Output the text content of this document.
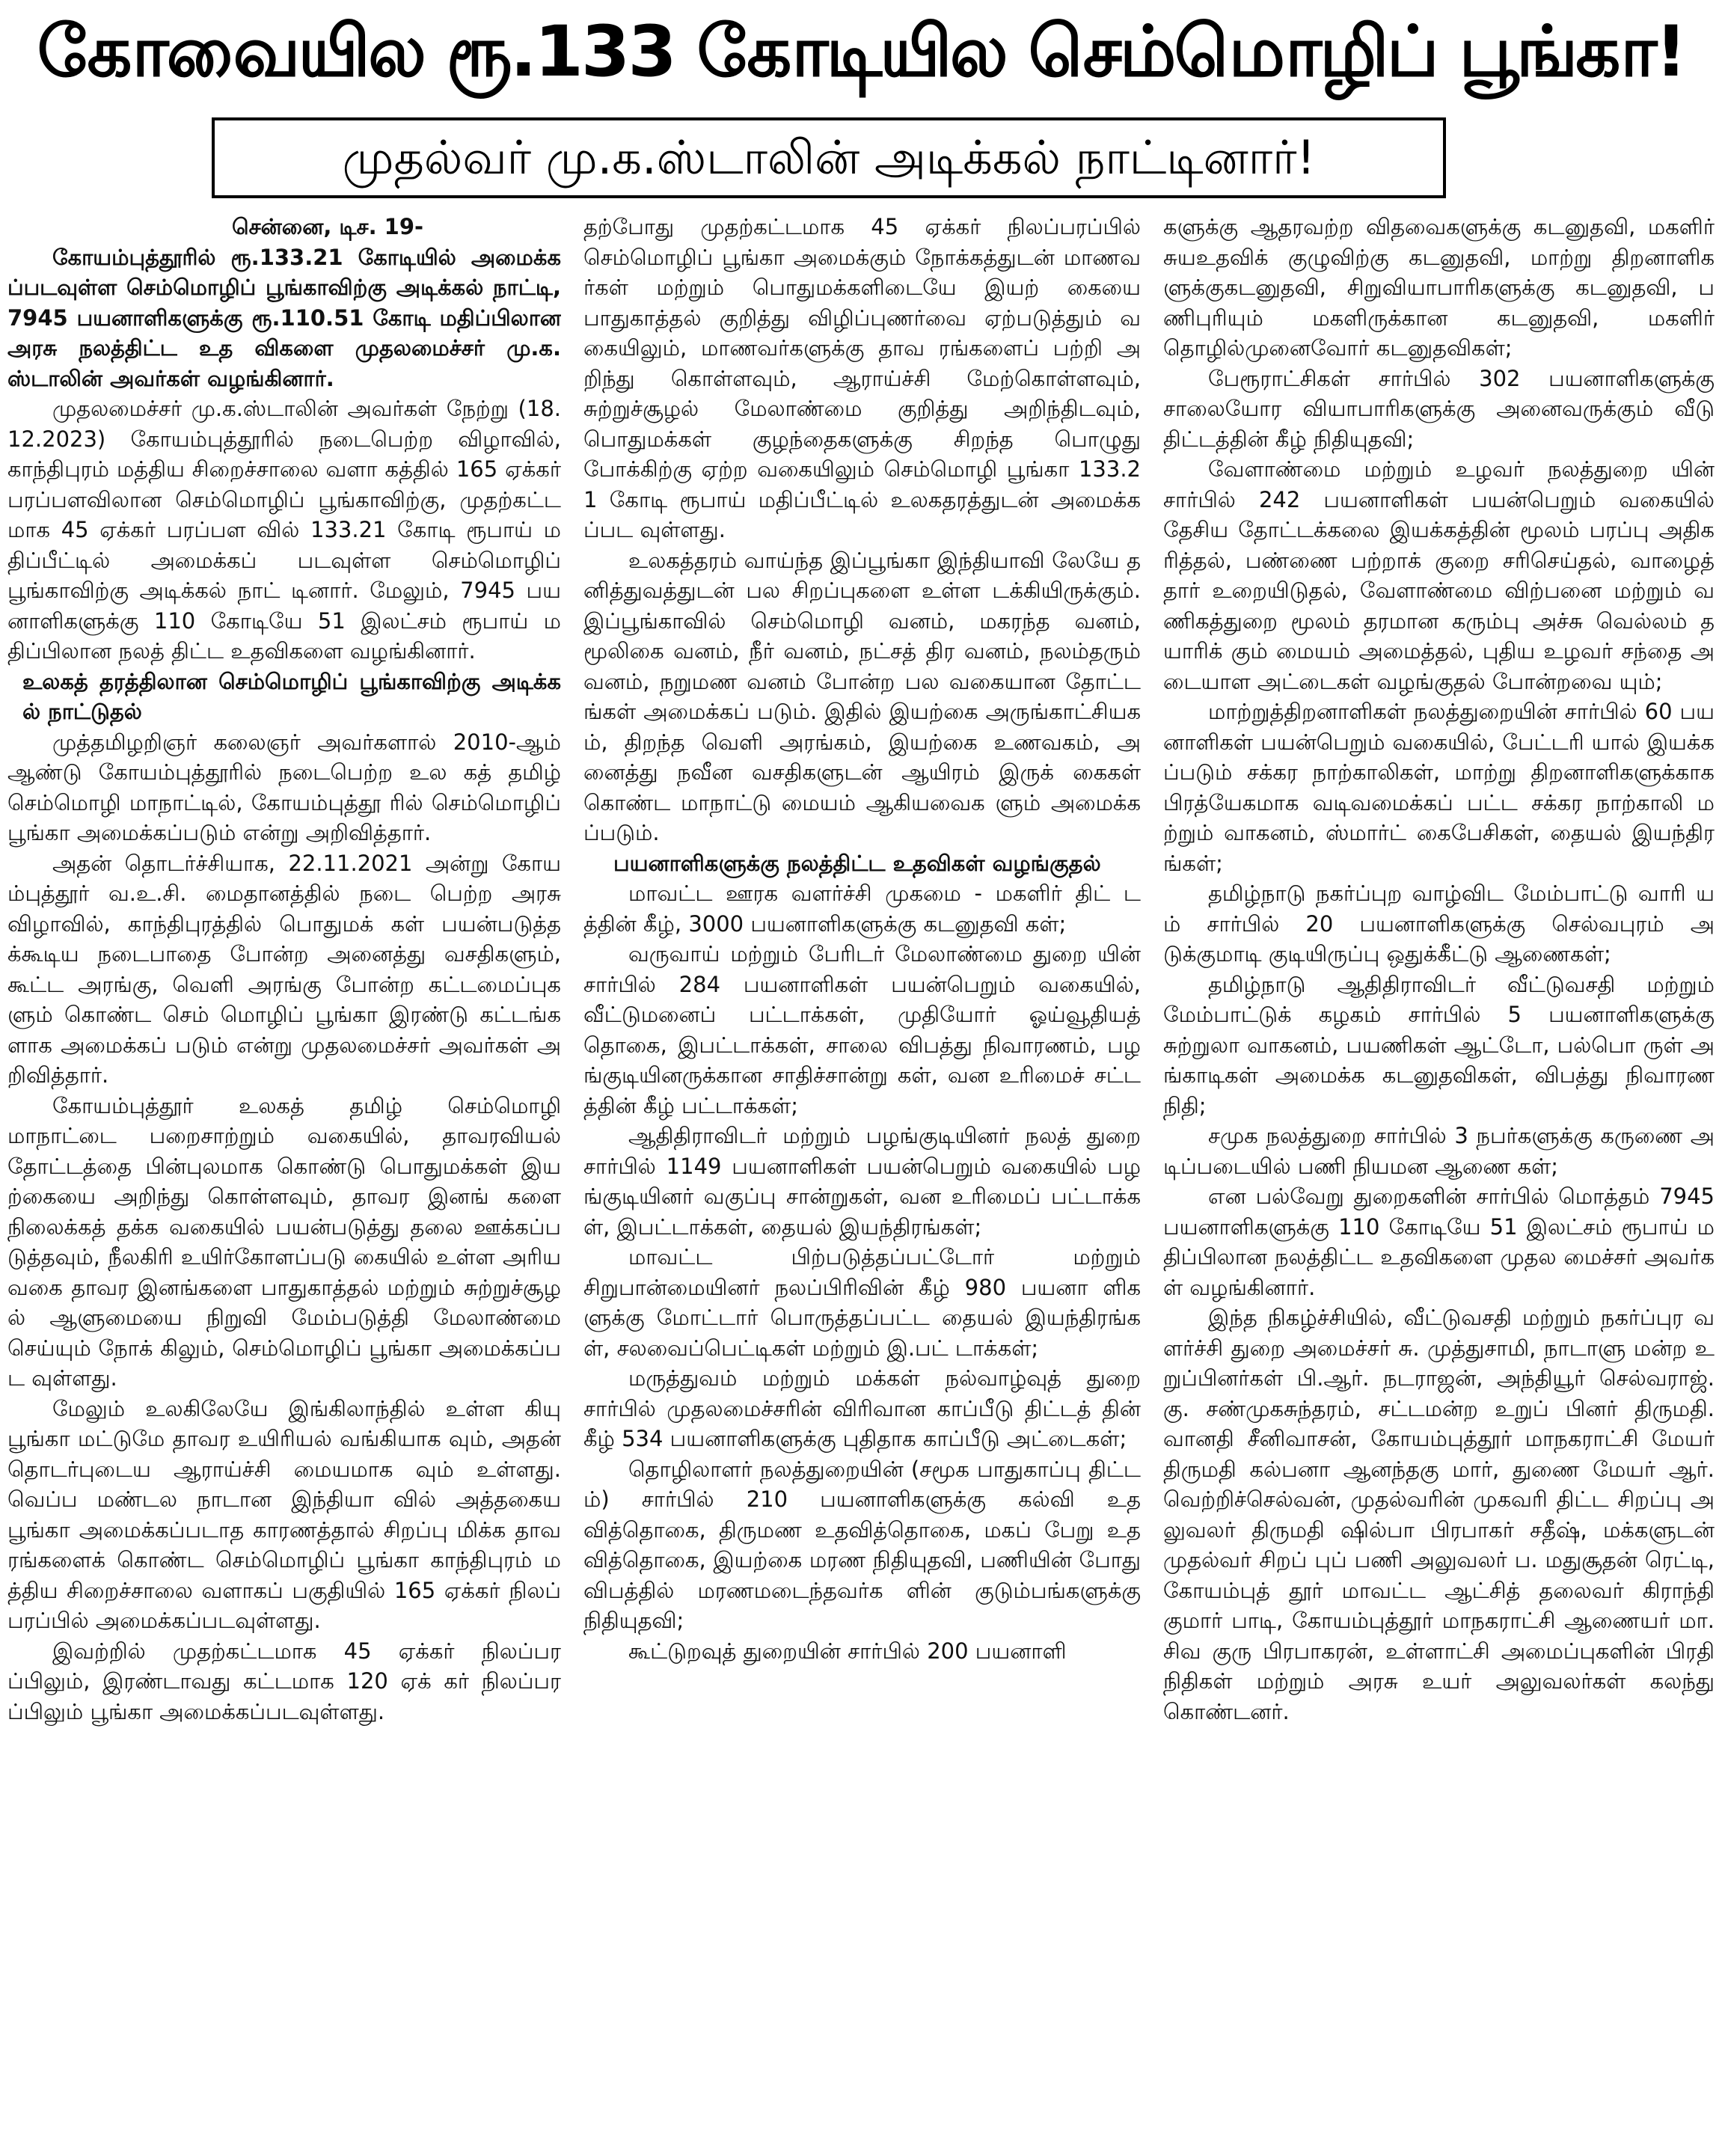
கோவையில ரூ.133 கோடியில செம்மொழிப் பூங்கா!
முதல்வர் மு.க.ஸ்டாலின் அடிக்கல் நாட்டினார்!

சென்னை, டிச. 19-

கோயம்புத்தூரில் ரூ.133.21 கோடியில் அமைக்கப்படவுள்ள செம்மொழிப் பூங்காவிற்கு அடிக்கல் நாட்டி, 7945 பயனாளிகளுக்கு ரூ.110.51 கோடி மதிப்பிலான அரசு நலத்திட்ட உத விகளை முதலமைச்சர் மு.க.ஸ்டாலின் அவர்கள் வழங்கினார்.

முதலமைச்சர் மு.க.ஸ்டாலின் அவர்கள் நேற்று (18.12.2023) கோயம்புத்தூரில் நடைபெற்ற விழாவில், காந்திபுரம் மத்திய சிறைச்சாலை வளா கத்தில் 165 ஏக்கர் பரப்பளவிலான செம்மொழிப் பூங்காவிற்கு, முதற்கட்டமாக 45 ஏக்கர் பரப்பள வில் 133.21 கோடி ரூபாய் மதிப்பீட்டில் அமைக்கப் படவுள்ள செம்மொழிப் பூங்காவிற்கு அடிக்கல் நாட் டினார். மேலும், 7945 பயனாளிகளுக்கு 110 கோடியே 51 இலட்சம் ரூபாய் மதிப்பிலான நலத் திட்ட உதவிகளை வழங்கினார்.

உலகத் தரத்திலான செம்மொழிப் பூங்காவிற்கு அடிக்கல் நாட்டுதல்

முத்தமிழறிஞர் கலைஞர் அவர்களால் 2010-ஆம் ஆண்டு கோயம்புத்தூரில் நடைபெற்ற உல கத் தமிழ் செம்மொழி மாநாட்டில், கோயம்புத்தூ ரில் செம்மொழிப் பூங்கா அமைக்கப்படும் என்று அறிவித்தார்.

அதன் தொடர்ச்சியாக, 22.11.2021 அன்று கோயம்புத்தூர் வ.உ.சி. மைதானத்தில் நடை பெற்ற அரசு விழாவில், காந்திபுரத்தில் பொதுமக் கள் பயன்படுத்தக்கூடிய நடைபாதை போன்ற அனைத்து வசதிகளும், கூட்ட அரங்கு, வெளி அரங்கு போன்ற கட்டமைப்புகளும் கொண்ட செம் மொழிப் பூங்கா இரண்டு கட்டங்களாக அமைக்கப் படும் என்று முதலமைச்சர் அவர்கள் அறிவித்தார்.

கோயம்புத்தூர் உலகத் தமிழ் செம்மொழி மாநாட்டை பறைசாற்றும் வகையில், தாவரவியல் தோட்டத்தை பின்புலமாக கொண்டு பொதுமக்கள் இயற்கையை அறிந்து கொள்ளவும், தாவர இனங் களை நிலைக்கத் தக்க வகையில் பயன்படுத்து தலை ஊக்கப்படுத்தவும், நீலகிரி உயிர்கோளப்படு கையில் உள்ள அரிய வகை தாவர இனங்களை பாதுகாத்தல் மற்றும் சுற்றுச்சூழல் ஆளுமையை நிறுவி மேம்படுத்தி மேலாண்மை செய்யும் நோக் கிலும், செம்மொழிப் பூங்கா அமைக்கப்பட வுள்ளது.

மேலும் உலகிலேயே இங்கிலாந்தில் உள்ள கியு பூங்கா மட்டுமே தாவர உயிரியல் வங்கியாக வும், அதன் தொடர்புடைய ஆராய்ச்சி மையமாக வும் உள்ளது. வெப்ப மண்டல நாடான இந்தியா வில் அத்தகைய பூங்கா அமைக்கப்படாத காரணத்தால் சிறப்பு மிக்க தாவரங்களைக் கொண்ட செம்மொழிப் பூங்கா காந்திபுரம் மத்திய சிறைச்சாலை வளாகப் பகுதியில் 165 ஏக்கர் நிலப் பரப்பில் அமைக்கப்படவுள்ளது.

இவற்றில் முதற்கட்டமாக 45 ஏக்கர் நிலப்பரப்பிலும், இரண்டாவது கட்டமாக 120 ஏக் கர் நிலப்பரப்பிலும் பூங்கா அமைக்கப்படவுள்ளது.

தற்போது முதற்கட்டமாக 45 ஏக்கர் நிலப்பரப்பில் செம்மொழிப் பூங்கா அமைக்கும் நோக்கத்துடன் மாணவர்கள் மற்றும் பொதுமக்களிடையே இயற் கையை பாதுகாத்தல் குறித்து விழிப்புணர்வை ஏற்படுத்தும் வகையிலும், மாணவர்களுக்கு தாவ ரங்களைப் பற்றி அறிந்து கொள்ளவும், ஆராய்ச்சி மேற்கொள்ளவும், சுற்றுச்சூழல் மேலாண்மை குறித்து அறிந்திடவும், பொதுமக்கள் குழந்தைகளுக்கு சிறந்த பொழுது போக்கிற்கு ஏற்ற வகையிலும் செம்மொழி பூங்கா 133.21 கோடி ரூபாய் மதிப்பீட்டில் உலகதரத்துடன் அமைக்கப்பட வுள்ளது.

உலகத்தரம் வாய்ந்த இப்பூங்கா இந்தியாவி லேயே தனித்துவத்துடன் பல சிறப்புகளை உள்ள டக்கியிருக்கும். இப்பூங்காவில் செம்மொழி வனம், மகரந்த வனம், மூலிகை வனம், நீர் வனம், நட்சத் திர வனம், நலம்தரும் வனம், நறுமண வனம் போன்ற பல வகையான தோட்டங்கள் அமைக்கப் படும். இதில் இயற்கை அருங்காட்சியகம், திறந்த வெளி அரங்கம், இயற்கை உணவகம், அனைத்து நவீன வசதிகளுடன் ஆயிரம் இருக் கைகள் கொண்ட மாநாட்டு மையம் ஆகியவைக ளும் அமைக்கப்படும்.

பயனாளிகளுக்கு நலத்திட்ட உதவிகள் வழங்குதல்

மாவட்ட ஊரக வளர்ச்சி முகமை - மகளிர் திட் டத்தின் கீழ், 3000 பயனாளிகளுக்கு கடனுதவி கள்;

வருவாய் மற்றும் பேரிடர் மேலாண்மை துறை யின் சார்பில் 284 பயனாளிகள் பயன்பெறும் வகையில், வீட்டுமனைப் பட்டாக்கள், முதியோர் ஓய்வூதியத் தொகை, இபட்டாக்கள், சாலை விபத்து நிவாரணம், பழங்குடியினருக்கான சாதிச்சான்று கள், வன உரிமைச் சட்டத்தின் கீழ் பட்டாக்கள்;

ஆதிதிராவிடர் மற்றும் பழங்குடியினர் நலத் துறை சார்பில் 1149 பயனாளிகள் பயன்பெறும் வகையில் பழங்குடியினர் வகுப்பு சான்றுகள், வன உரிமைப் பட்டாக்கள், இபட்டாக்கள், தையல் இயந்திரங்கள்;

மாவட்ட பிற்படுத்தப்பட்டோர் மற்றும் சிறுபான்மையினர் நலப்பிரிவின் கீழ் 980 பயனா ளிகளுக்கு மோட்டார் பொருத்தப்பட்ட தையல் இயந்திரங்கள், சலவைப்பெட்டிகள் மற்றும் இ.பட் டாக்கள்;

மருத்துவம் மற்றும் மக்கள் நல்வாழ்வுத் துறை சார்பில் முதலமைச்சரின் விரிவான காப்பீடு திட்டத் தின் கீழ் 534 பயனாளிகளுக்கு புதிதாக காப்பீடு அட்டைகள்;

தொழிலாளர் நலத்துறையின் (சமூக பாதுகாப்பு திட்டம்) சார்பில் 210 பயனாளிகளுக்கு கல்வி உத வித்தொகை, திருமண உதவித்தொகை, மகப் பேறு உதவித்தொகை, இயற்கை மரண நிதியுதவி, பணியின் போது விபத்தில் மரணமடைந்தவர்க ளின் குடும்பங்களுக்கு நிதியுதவி;

கூட்டுறவுத் துறையின் சார்பில் 200 பயனாளி

களுக்கு ஆதரவற்ற விதவைகளுக்கு கடனுதவி, மகளிர் சுயஉதவிக் குழுவிற்கு கடனுதவி, மாற்று திறனாளிகளுக்குகடனுதவி, சிறுவியாபாரிகளுக்கு கடனுதவி, பணிபுரியும் மகளிருக்கான கடனுதவி, மகளிர் தொழில்முனைவோர் கடனுதவிகள்;

பேரூராட்சிகள் சார்பில் 302 பயனாளிகளுக்கு சாலையோர வியாபாரிகளுக்கு அனைவருக்கும் வீடு திட்டத்தின் கீழ் நிதியுதவி;

வேளாண்மை மற்றும் உழவர் நலத்துறை யின் சார்பில் 242 பயனாளிகள் பயன்பெறும் வகையில் தேசிய தோட்டக்கலை இயக்கத்தின் மூலம் பரப்பு அதிகரித்தல், பண்ணை பற்றாக் குறை சரிசெய்தல், வாழைத் தார் உறையிடுதல், வேளாண்மை விற்பனை மற்றும் வணிகத்துறை மூலம் தரமான கரும்பு அச்சு வெல்லம் தயாரிக் கும் மையம் அமைத்தல், புதிய உழவர் சந்தை அடையாள அட்டைகள் வழங்குதல் போன்றவை யும்;

மாற்றுத்திறனாளிகள் நலத்துறையின் சார்பில் 60 பயனாளிகள் பயன்பெறும் வகையில், பேட்டரி யால் இயக்கப்படும் சக்கர நாற்காலிகள், மாற்று திறனாளிகளுக்காக பிரத்யேகமாக வடிவமைக்கப் பட்ட சக்கர நாற்காலி மற்றும் வாகனம், ஸ்மார்ட் கைபேசிகள், தையல் இயந்திரங்கள்;

தமிழ்நாடு நகர்ப்புற வாழ்விட மேம்பாட்டு வாரி யம் சார்பில் 20 பயனாளிகளுக்கு செல்வபுரம் அடுக்குமாடி குடியிருப்பு ஒதுக்கீட்டு ஆணைகள்;

தமிழ்நாடு ஆதிதிராவிடர் வீட்டுவசதி மற்றும் மேம்பாட்டுக் கழகம் சார்பில் 5 பயனாளிகளுக்கு சுற்றுலா வாகனம், பயணிகள் ஆட்டோ, பல்பொ ருள் அங்காடிகள் அமைக்க கடனுதவிகள், விபத்து நிவாரண நிதி;

சமுக நலத்துறை சார்பில் 3 நபர்களுக்கு கருணை அடிப்படையில் பணி நியமன ஆணை கள்;

என பல்வேறு துறைகளின் சார்பில் மொத்தம் 7945 பயனாளிகளுக்கு 110 கோடியே 51 இலட்சம் ரூபாய் மதிப்பிலான நலத்திட்ட உதவிகளை முதல மைச்சர் அவர்கள் வழங்கினார்.

இந்த நிகழ்ச்சியில், வீட்டுவசதி மற்றும் நகர்ப்புர வளர்ச்சி துறை அமைச்சர் சு. முத்துசாமி, நாடாளு மன்ற உறுப்பினர்கள் பி.ஆர். நடராஜன், அந்தியூர் செல்வராஜ். கு. சண்முகசுந்தரம், சட்டமன்ற உறுப் பினர் திருமதி. வானதி சீனிவாசன், கோயம்புத்தூர் மாநகராட்சி மேயர் திருமதி கல்பனா ஆனந்தகு மார், துணை மேயர் ஆர். வெற்றிச்செல்வன், முதல்வரின் முகவரி திட்ட சிறப்பு அலுவலர் திருமதி ஷில்பா பிரபாகர் சதீஷ், மக்களுடன் முதல்வர் சிறப் புப் பணி அலுவலர் ப. மதுசூதன் ரெட்டி, கோயம்புத் தூர் மாவட்ட ஆட்சித் தலைவர் கிராந்தி குமார் பாடி, கோயம்புத்தூர் மாநகராட்சி ஆணையர் மா.சிவ குரு பிரபாகரன், உள்ளாட்சி அமைப்புகளின் பிரதி நிதிகள் மற்றும் அரசு உயர் அலுவலர்கள் கலந்து கொண்டனர்.
